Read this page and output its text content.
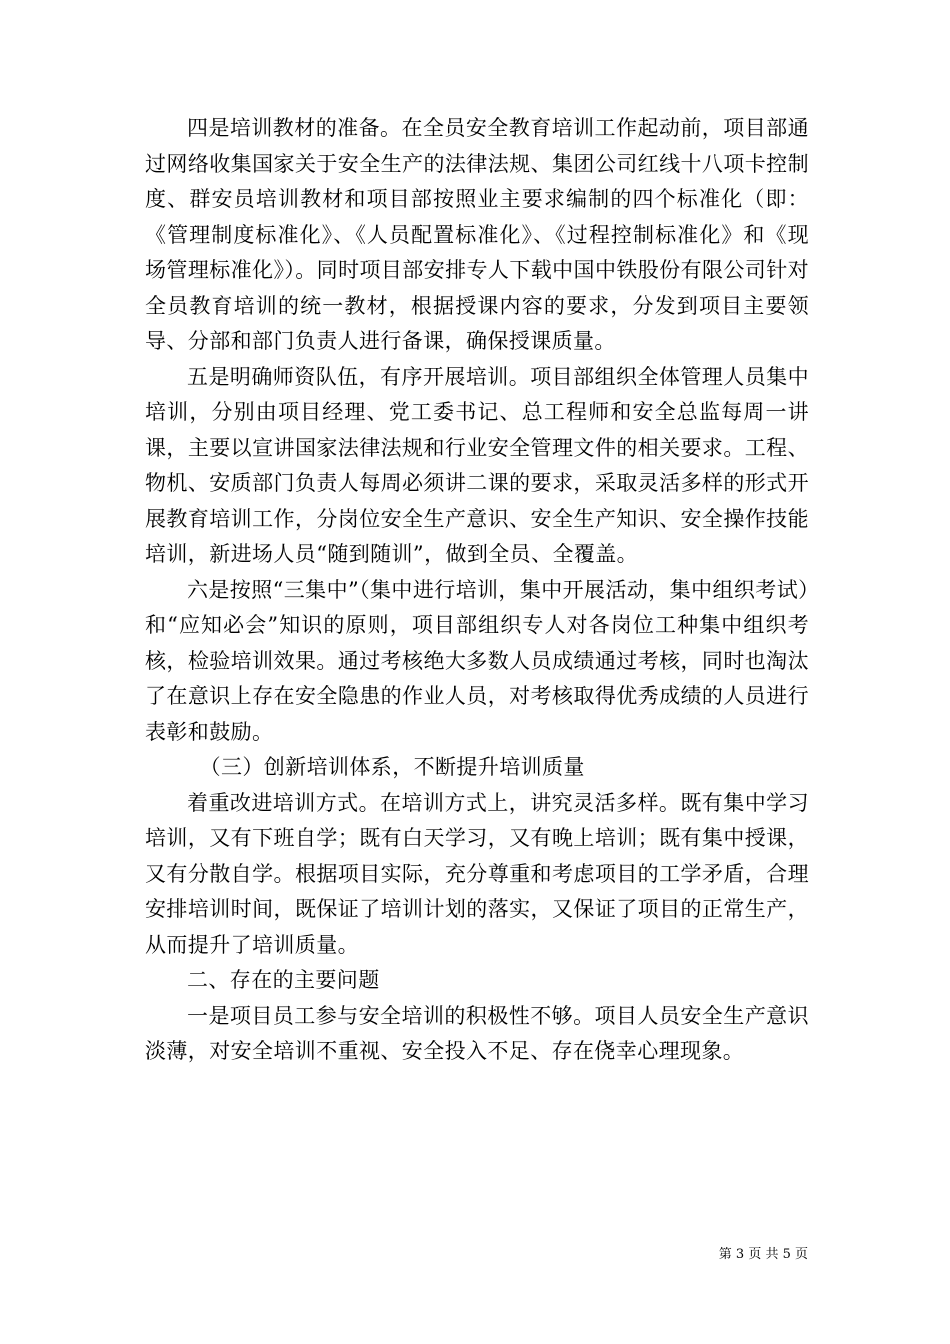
四是培训教材的准备。在全员安全教育培训工作起动前，项目部通过网络收集国家关于安全生产的法律法规、集团公司红线十八项卡控制度、群安员培训教材和项目部按照业主要求编制的四个标准化（即：《管理制度标准化》、《人员配置标准化》、《过程控制标准化》和《现场管理标准化》）。同时项目部安排专人下载中国中铁股份有限公司针对全员教育培训的统一教材，根据授课内容的要求，分发到项目主要领导、分部和部门负责人进行备课，确保授课质量。

五是明确师资队伍，有序开展培训。项目部组织全体管理人员集中培训，分别由项目经理、党工委书记、总工程师和安全总监每周一讲课，主要以宣讲国家法律法规和行业安全管理文件的相关要求。工程、物机、安质部门负责人每周必须讲二课的要求，采取灵活多样的形式开展教育培训工作，分岗位安全生产意识、安全生产知识、安全操作技能培训，新进场人员“随到随训”，做到全员、全覆盖。

六是按照“三集中”（集中进行培训，集中开展活动，集中组织考试）和“应知必会”知识的原则，项目部组织专人对各岗位工种集中组织考核，检验培训效果。通过考核绝大多数人员成绩通过考核，同时也淘汰了在意识上存在安全隐患的作业人员，对考核取得优秀成绩的人员进行表彰和鼓励。

（三）创新培训体系，不断提升培训质量

着重改进培训方式。在培训方式上，讲究灵活多样。既有集中学习培训，又有下班自学；既有白天学习，又有晚上培训；既有集中授课，又有分散自学。根据项目实际，充分尊重和考虑项目的工学矛盾，合理安排培训时间，既保证了培训计划的落实，又保证了项目的正常生产，从而提升了培训质量。

二、存在的主要问题

一是项目员工参与安全培训的积极性不够。项目人员安全生产意识淡薄，对安全培训不重视、安全投入不足、存在侥幸心理现象。

第 3 页 共 5 页
